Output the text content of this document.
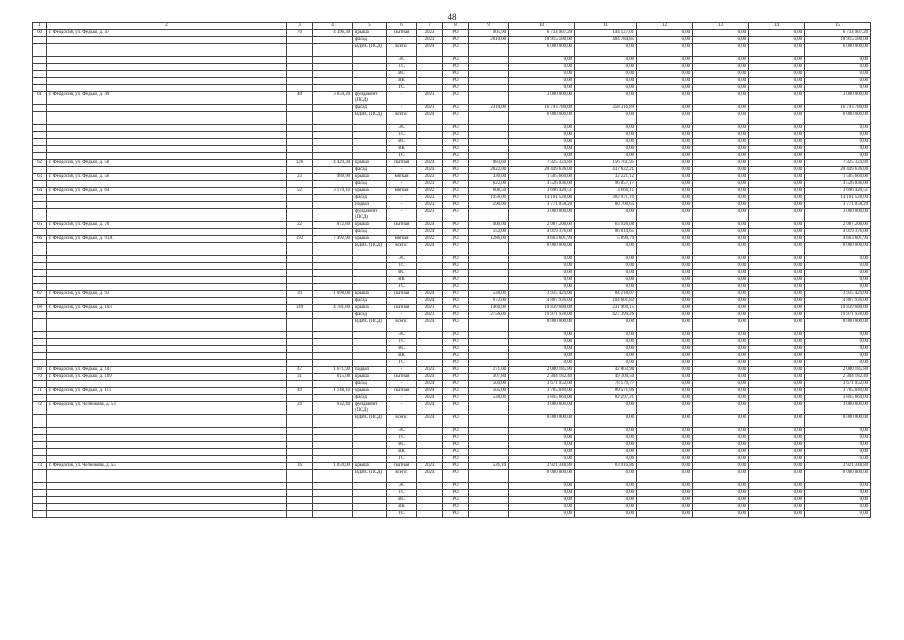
48
1	2	3	4	5	6	7	8	9	10	11	12	13	14	15
60	г. Феодосия, ул. Федько, д. 47	70	4 396,30	крыша	скатная	2023	РО	905,90	6 734 907,20	144 127,01	0,00	0,00	0,00	6 734 907,20
				фасад	-	2023	РО	2610,00	18 915 180,00	404 784,85	0,00	0,00	0,00	18 915 180,00
				ВДИС (ПСД)	всего:	2024	РО		8 000 000,00	0,00	0,00	0,00	0,00	8 000 000,00
					ЭС		РО		0,00	0,00	0,00	0,00	0,00	0,00
					ТС		РО		0,00	0,00	0,00	0,00	0,00	0,00
					ВС		РО		0,00	0,00	0,00	0,00	0,00	0,00
					ВК		РО		0,00	0,00	0,00	0,00	0,00	0,00
					ГС		РО		0,00	0,00	0,00	0,00	0,00	0,00
61	г. Феодосия, ул. Федько, д. 49	48	3 059,20	фундамент (ПСД)	-	2023	РО		3 000 000,00	0,00	0,00	0,00	0,00	3 000 000,00
				фасад	-	2023	РО	2310,00	16 743 780,00	358 316,89	0,00	0,00	0,00	16 743 780,00
				ВДИС (ПСД)	всего:	2024	РО		8 000 000,00	0,00	0,00	0,00	0,00	8 000 000,00
					ЭС		РО		0,00	0,00	0,00	0,00	0,00	0,00
					ТС		РО		0,00	0,00	0,00	0,00	0,00	0,00
					ВС		РО		0,00	0,00	0,00	0,00	0,00	0,00
					ВК		РО		0,00	0,00	0,00	0,00	0,00	0,00
					ГС		РО		0,00	0,00	0,00	0,00	0,00	0,00
62	г. Феодосия, ул. Федько, д. 50	126	4 429,30	крыша	скатная	2024	РО	983,60	7 325 324,80	156 761,95	0,00	0,00	0,00	7 325 324,80
				фасад	-	2024	РО	2822,00	20 449 636,00	437 622,21	0,00	0,00	0,00	20 449 636,00
63	г. Феодосия, ул. Федько, д. 56	23	989,90	крыша	мягкая	2023	РО	330,00	1 505 660,00	32 221,12	0,00	0,00	0,00	1 505 660,00
				фасад	-	2023	РО	622,00	4 526 036,00	96 857,17	0,00	0,00	0,00	4 526 036,00
64	г. Феодосия, ул. Федько, д. 64	52	3 170,10	крыша	мягкая	2022	РО	608,50	3 696 420,51	4 669,11	0,00	0,00	0,00	3 696 420,51
				фасад	-	2022	РО	1956,00	14 181 528,00	302 971,10	0,00	0,00	0,00	14 181 528,00
				подвал	-	2023	РО	590,00	3 771 058,20	80 700,65	0,00	0,00	0,00	3 771 058,20
				фундамент (ПСД)	-	2023	РО		3 000 000,00	0,00	0,00	0,00	0,00	3 000 000,00
65	г. Феодосия, ул. Федько, д. 70	22	872,80	крыша	скатная	2024	РО	400,00	2 987 200,00	63 926,08	0,00	0,00	0,00	2 987 200,00
				фасад	-	2024	РО	553,00	4 019 376,00	86 014,65	0,00	0,00	0,00	4 019 376,00
66	г. Феодосия, ул. Федько, д. 91А	192	7 492,90	крыша	мягкая	2022	РО	1286,00	4 663 601,99	5 890,79	0,00	0,00	0,00	4 663 601,99
				ВДИС (ПСД)	всего:	2024	РО		8 000 000,00	0,00	0,00	0,00	0,00	8 000 000,00
					ЭС		РО		0,00	0,00	0,00	0,00	0,00	0,00
					ТС		РО		0,00	0,00	0,00	0,00	0,00	0,00
					ВС		РО		0,00	0,00	0,00	0,00	0,00	0,00
					ВК		РО		0,00	0,00	0,00	0,00	0,00	0,00
					ГС		РО		0,00	0,00	0,00	0,00	0,00	0,00
67	г. Феодосия, ул. Федько, д. 93	39	1 098,00	крыша	скатная	2024	РО	528,00	3 935 424,00	84 218,07	0,00	0,00	0,00	3 935 424,00
				фасад	-	2024	РО	672,00	4 887 936,00	104 601,83	0,00	0,00	0,00	4 887 936,00
68	г. Феодосия, ул. Федько, д. 103	149	4 781,80	крыша	скатная	2023	РО	1460,00	10 839 680,00	231 969,15	0,00	0,00	0,00	10 839 680,00
				фасад	-	2023	РО	2756,00	19 971 928,00	427 399,26	0,00	0,00	0,00	19 971 928,00
				ВДИС (ПСД)	всего:	2024	РО		8 000 000,00	0,00	0,00	0,00	0,00	8 000 000,00
					ЭС		РО		0,00	0,00	0,00	0,00	0,00	0,00
					ТС		РО		0,00	0,00	0,00	0,00	0,00	0,00
					ВС		РО		0,00	0,00	0,00	0,00	0,00	0,00
					ВК		РО		0,00	0,00	0,00	0,00	0,00	0,00
					ГС		РО		0,00	0,00	0,00	0,00	0,00	0,00
69	г. Феодосия, ул. Федько, д. 107	47	1 671,90	подвал	-	2023	РО	271,00	2 000 185,80	42 803,98	0,00	0,00	0,00	2 000 185,80
70	г. Феодосия, ул. Федько, д. 109	31	815,00	крыша	скатная	2024	РО	307,80	2 304 182,40	49 309,50	0,00	0,00	0,00	2 304 182,40
				фасад	-	2024	РО	504,00	3 671 952,00	78 579,77	0,00	0,00	0,00	3 671 952,00
71	г. Феодосия, ул. Федько, д. 111	49	1 148,10	крыша	скатная	2024	РО	505,00	3 765 040,00	80 571,86	0,00	0,00	0,00	3 765 040,00
				фасад	-	2024	РО	528,00	3 845 664,00	82 297,21	0,00	0,00	0,00	3 845 664,00
72	г. Феодосия, ул. Челнокова, д. 53	29	932,40	фундамент (ПСД)	-	2024	РО		3 000 000,00	0,00	0,00	0,00	0,00	3 000 000,00
				ВДИС (ПСД)	всего:	2024	РО		8 000 000,00	0,00	0,00	0,00	0,00	8 000 000,00
					ЭС		РО		0,00	0,00	0,00	0,00	0,00	0,00
					ТС		РО		0,00	0,00	0,00	0,00	0,00	0,00
					ВС		РО		0,00	0,00	0,00	0,00	0,00	0,00
					ВК		РО		0,00	0,00	0,00	0,00	0,00	0,00
					ГС		РО		0,00	0,00	0,00	0,00	0,00	0,00
73	г. Феодосия, ул. Челнокова, д. 55	16	1 059,00	крыша	скатная	2023	РО	526,10	3 921 348,80	83 916,86	0,00	0,00	0,00	3 921 348,80
				ВДИС (ПСД)	всего:	2024	РО		8 000 000,00	0,00	0,00	0,00	0,00	8 000 000,00
					ЭС		РО		0,00	0,00	0,00	0,00	0,00	0,00
					ТС		РО		0,00	0,00	0,00	0,00	0,00	0,00
					ВС		РО		0,00	0,00	0,00	0,00	0,00	0,00
					ВК		РО		0,00	0,00	0,00	0,00	0,00	0,00
					ГС		РО		0,00	0,00	0,00	0,00	0,00	0,00
